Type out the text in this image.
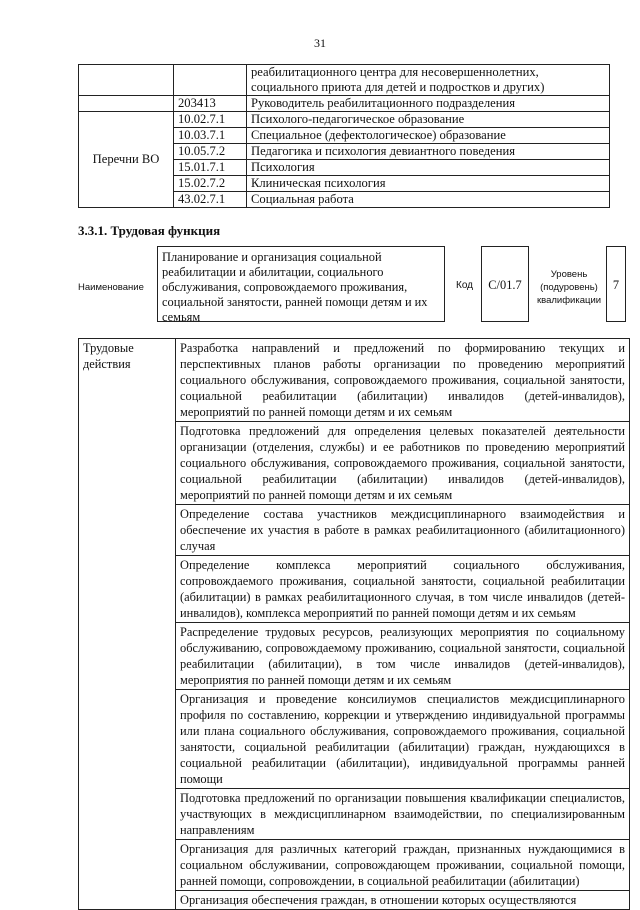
31
		реабилитационного центра для несовершеннолетних, социального приюта для детей и подростков и других)
	203413	Руководитель реабилитационного подразделения
Перечни ВО	10.02.7.1	Психолого-педагогическое образование
	10.03.7.1	Специальное (дефектологическое) образование
	10.05.7.2	Педагогика и психология девиантного поведения
	15.01.7.1	Психология
	15.02.7.2	Клиническая психология
	43.02.7.1	Социальная работа
3.3.1. Трудовая функция
Наименование
Планирование и организация социальной реабилитации и абилитации, социального обслуживания, сопровождаемого проживания, социальной занятости, ранней помощи детям и их семьям
Код	С/01.7
Уровень (подуровень) квалификации
7
Трудовые действия	Разработка направлений и предложений по формированию текущих и перспективных планов работы организации по проведению мероприятий социального обслуживания, сопровождаемого проживания, социальной занятости, социальной реабилитации (абилитации) инвалидов (детей-инвалидов), мероприятий по ранней помощи детям и их семьям
Подготовка предложений для определения целевых показателей деятельности организации (отделения, службы) и ее работников по проведению мероприятий социального обслуживания, сопровождаемого проживания, социальной занятости, социальной реабилитации (абилитации) инвалидов (детей-инвалидов), мероприятий по ранней помощи детям и их семьям
Определение состава участников междисциплинарного взаимодействия и обеспечение их участия в работе в рамках реабилитационного (абилитационного) случая
Определение комплекса мероприятий социального обслуживания, сопровождаемого проживания, социальной занятости, социальной реабилитации (абилитации) в рамках реабилитационного случая, в том числе инвалидов (детей-инвалидов), комплекса мероприятий по ранней помощи детям и их семьям
Распределение трудовых ресурсов, реализующих мероприятия по социальному обслуживанию, сопровождаемому проживанию, социальной занятости, социальной реабилитации (абилитации), в том числе инвалидов (детей-инвалидов), мероприятия по ранней помощи детям и их семьям
Организация и проведение консилиумов специалистов междисциплинарного профиля по составлению, коррекции и утверждению индивидуальной программы или плана социального обслуживания, сопровождаемого проживания, социальной занятости, социальной реабилитации (абилитации) граждан, нуждающихся в социальной реабилитации (абилитации), индивидуальной программы ранней помощи
Подготовка предложений по организации повышения квалификации специалистов, участвующих в междисциплинарном взаимодействии, по специализированным направлениям
Организация для различных категорий граждан, признанных нуждающимися в социальном обслуживании, сопровождающем проживании, социальной помощи, ранней помощи, сопровождении, в социальной реабилитации (абилитации)
Организация обеспечения граждан, в отношении которых осуществляются
